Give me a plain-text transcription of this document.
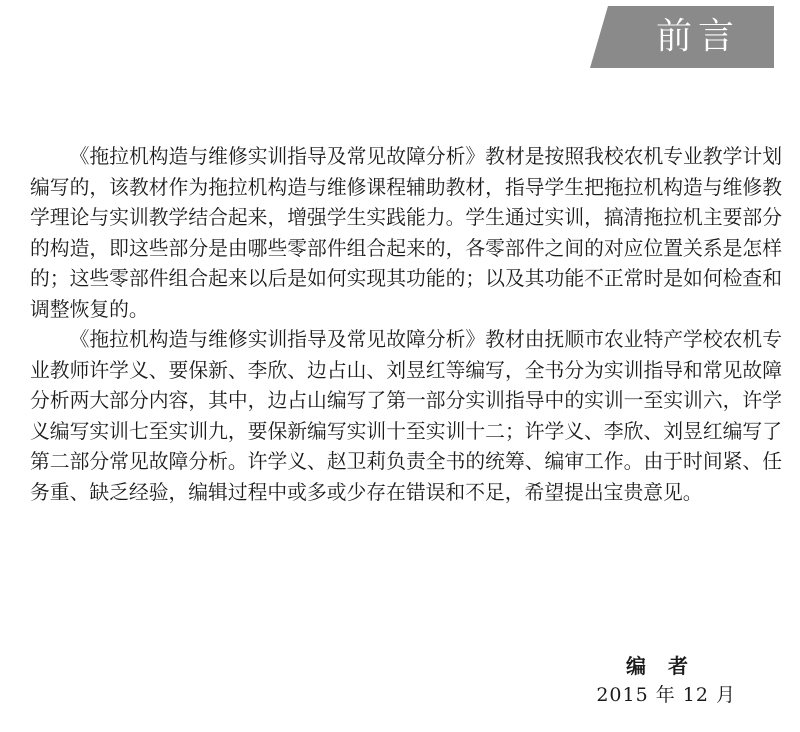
前言

《拖拉机构造与维修实训指导及常见故障分析》教材是按照我校农机专业教学计划编写的，该教材作为拖拉机构造与维修课程辅助教材，指导学生把拖拉机构造与维修教学理论与实训教学结合起来，增强学生实践能力。学生通过实训，搞清拖拉机主要部分的构造，即这些部分是由哪些零部件组合起来的，各零部件之间的对应位置关系是怎样的；这些零部件组合起来以后是如何实现其功能的；以及其功能不正常时是如何检查和调整恢复的。

《拖拉机构造与维修实训指导及常见故障分析》教材由抚顺市农业特产学校农机专业教师许学义、要保新、李欣、边占山、刘昱红等编写，全书分为实训指导和常见故障分析两大部分内容，其中，边占山编写了第一部分实训指导中的实训一至实训六，许学义编写实训七至实训九，要保新编写实训十至实训十二；许学义、李欣、刘昱红编写了第二部分常见故障分析。许学义、赵卫莉负责全书的统筹、编审工作。由于时间紧、任务重、缺乏经验，编辑过程中或多或少存在错误和不足，希望提出宝贵意见。

编者
2015 年 12 月
